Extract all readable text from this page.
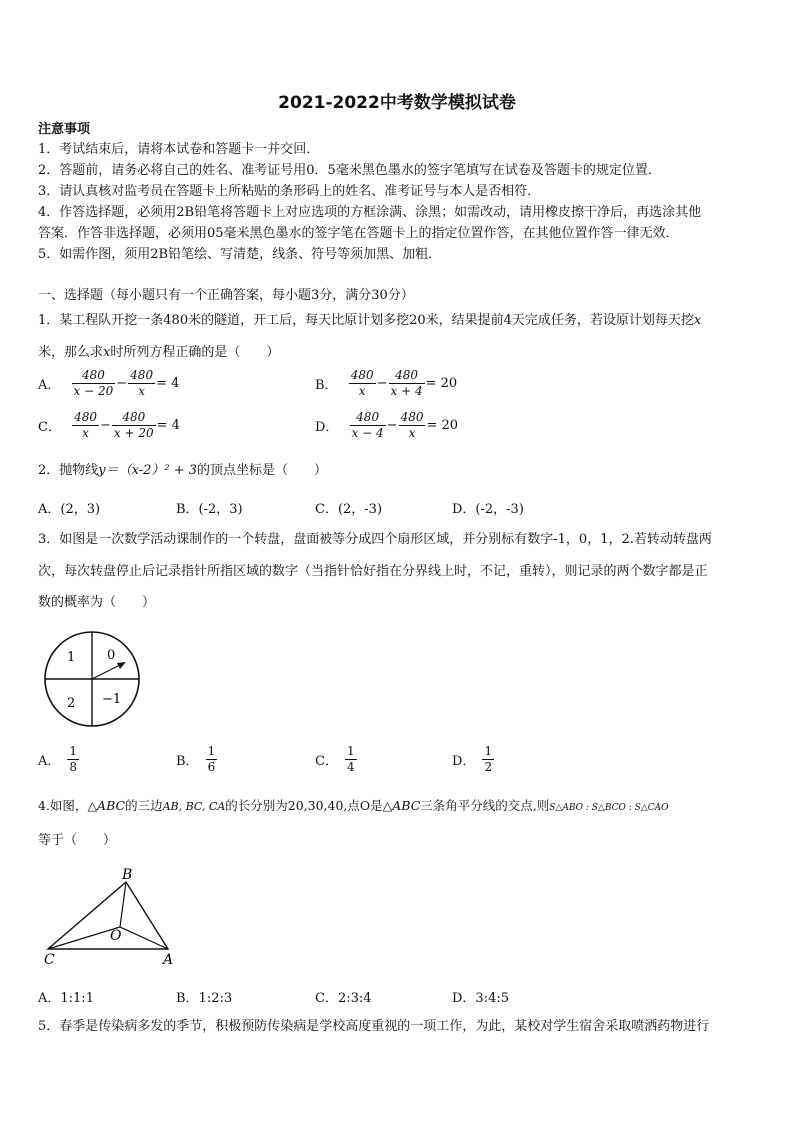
2021-2022中考数学模拟试卷
注意事项
1．考试结束后，请将本试卷和答题卡一并交回．
2．答题前，请务必将自己的姓名、准考证号用0．5毫米黑色墨水的签字笔填写在试卷及答题卡的规定位置．
3．请认真核对监考员在答题卡上所粘贴的条形码上的姓名、准考证号与本人是否相符．
4．作答选择题，必须用2B铅笔将答题卡上对应选项的方框涂满、涂黑；如需改动，请用橡皮擦干净后，再选涂其他
答案．作答非选择题，必须用05毫米黑色墨水的签字笔在答题卡上的指定位置作答，在其他位置作答一律无效．
5．如需作图，须用2B铅笔绘、写清楚，线条、符号等须加黑、加粗．
一、选择题（每小题只有一个正确答案，每小题3分，满分30分）
1．某工程队开挖一条480米的隧道，开工后，每天比原计划多挖20米，结果提前4天完成任务，若设原计划每天挖x
米，那么求x时所列方程正确的是（　　）
A． $\frac{480}{x - 20} - \frac{480}{x} = 4$	B． $\frac{480}{x} - \frac{480}{x + 4} = 20$
C． $\frac{480}{x} - \frac{480}{x + 20} = 4$	D． $\frac{480}{x - 4} - \frac{480}{x} = 20$
2．抛物线y＝（x-2）² + 3的顶点坐标是（　　）
A．(2，3)	B．(-2，3)	C．(2，-3)	D．(-2，-3)
3．如图是一次数学活动课制作的一个转盘，盘面被等分成四个扇形区域，并分别标有数字-1，0，1，2.若转动转盘两
次，每次转盘停止后记录指针所指区域的数字（当指针恰好指在分界线上时，不记，重转），则记录的两个数字都是正
数的概率为（　　）
1 0
2 −1
A． $\frac{1}{8}$	B． $\frac{1}{6}$	C． $\frac{1}{4}$	D． $\frac{1}{2}$
4.如图，△ABC的三边AB, BC, CA的长分别为20,30,40,点O是△ABC三条角平分线的交点,则S△ABO : S△BCO : S△CAO
等于（　　）
B
O
C	A
A．1:1:1	B．1:2:3	C．2:3:4	D．3:4:5
5．春季是传染病多发的季节，积极预防传染病是学校高度重视的一项工作，为此，某校对学生宿舍采取喷洒药物进行
